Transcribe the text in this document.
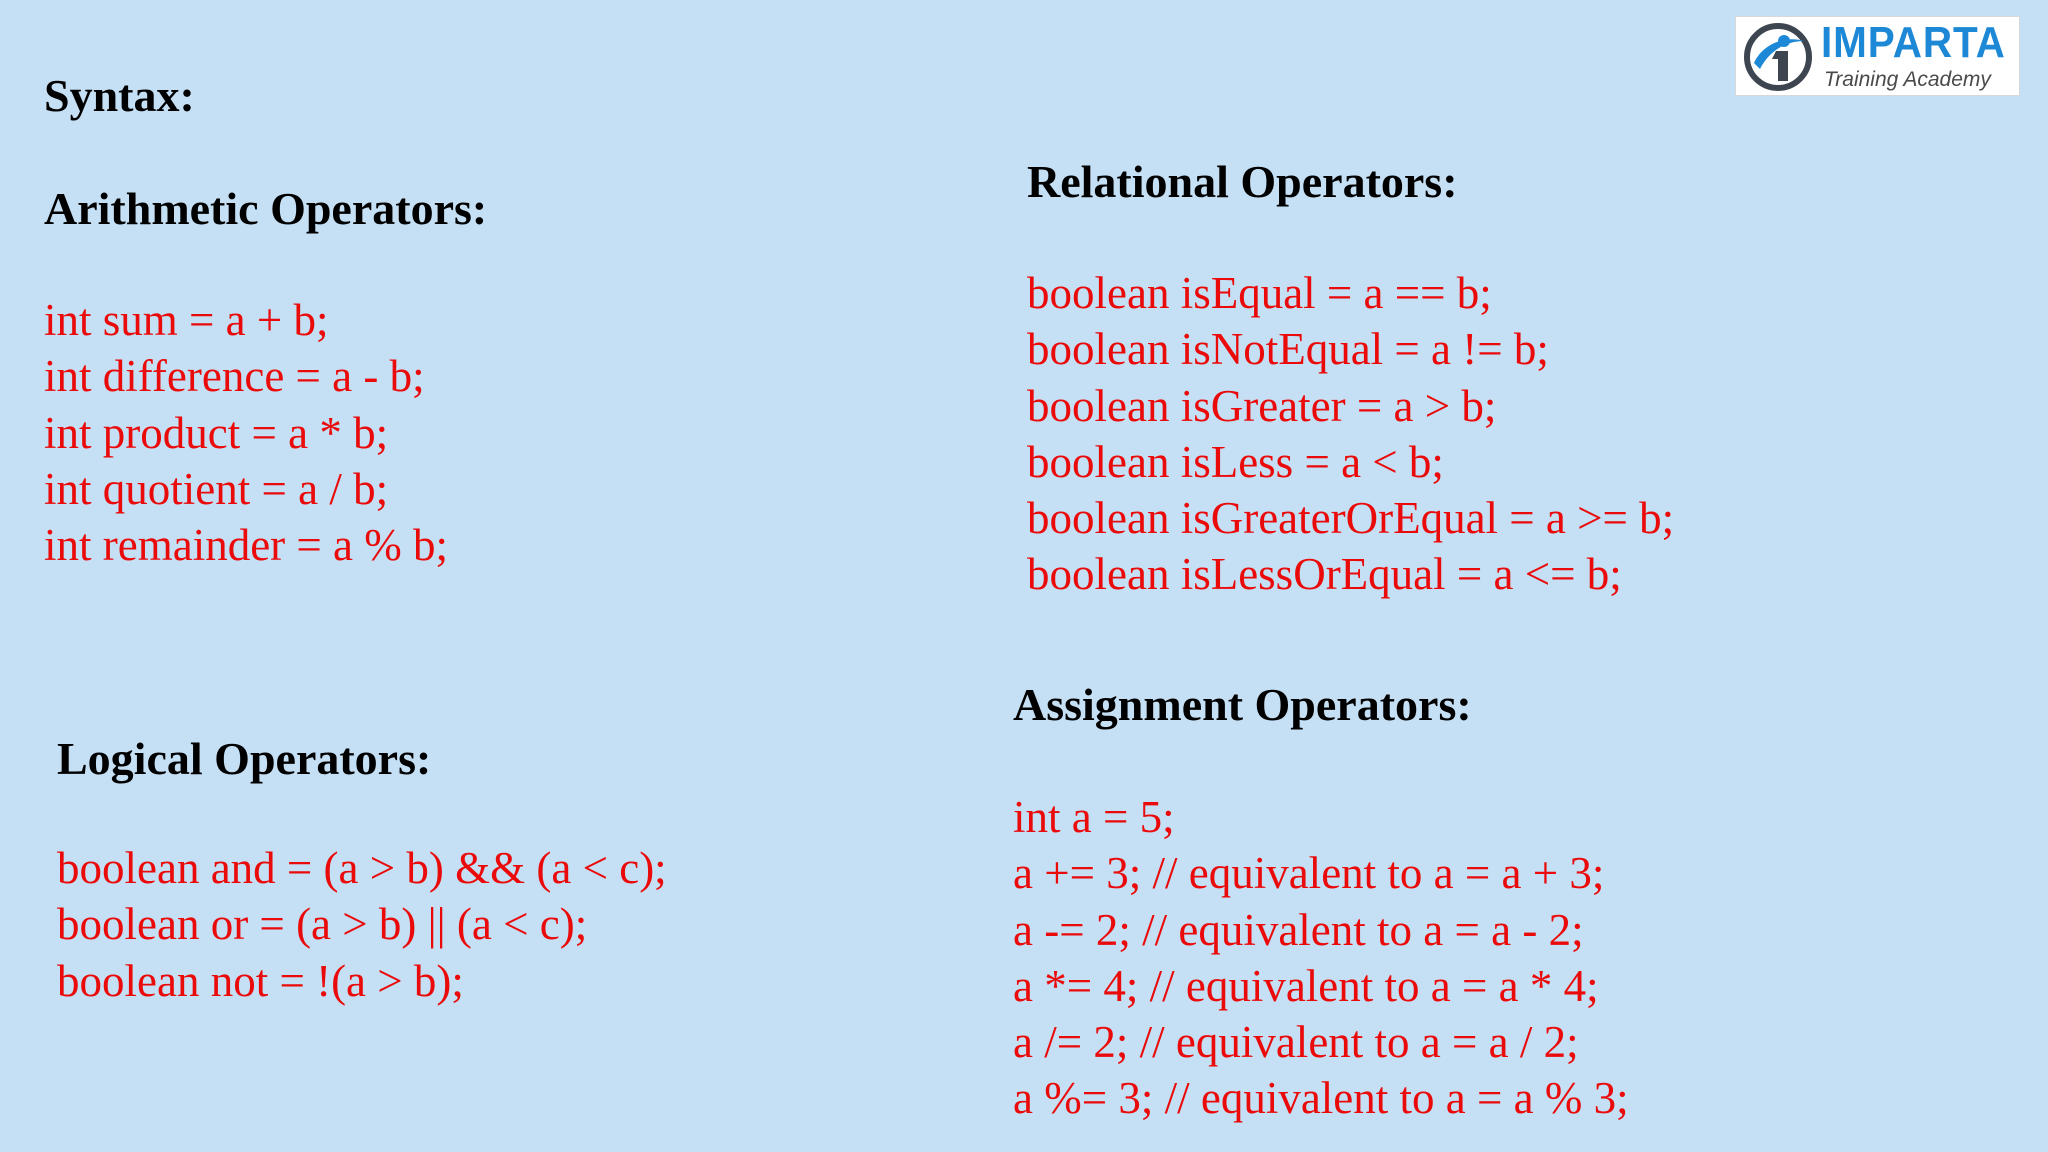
IMPARTA
Training Academy
Syntax:
Arithmetic Operators:
int sum = a + b;
int difference = a - b;
int product = a * b;
int quotient = a / b;
int remainder = a % b;
Relational Operators:
boolean isEqual = a == b;
boolean isNotEqual = a != b;
boolean isGreater = a > b;
boolean isLess = a < b;
boolean isGreaterOrEqual = a >= b;
boolean isLessOrEqual = a <= b;
Logical Operators:
boolean and = (a > b) && (a < c);
boolean or = (a > b) || (a < c);
boolean not = !(a > b);
Assignment Operators:
int a = 5;
a += 3; // equivalent to a = a + 3;
a -= 2; // equivalent to a = a - 2;
a *= 4; // equivalent to a = a * 4;
a /= 2; // equivalent to a = a / 2;
a %= 3; // equivalent to a = a % 3;
